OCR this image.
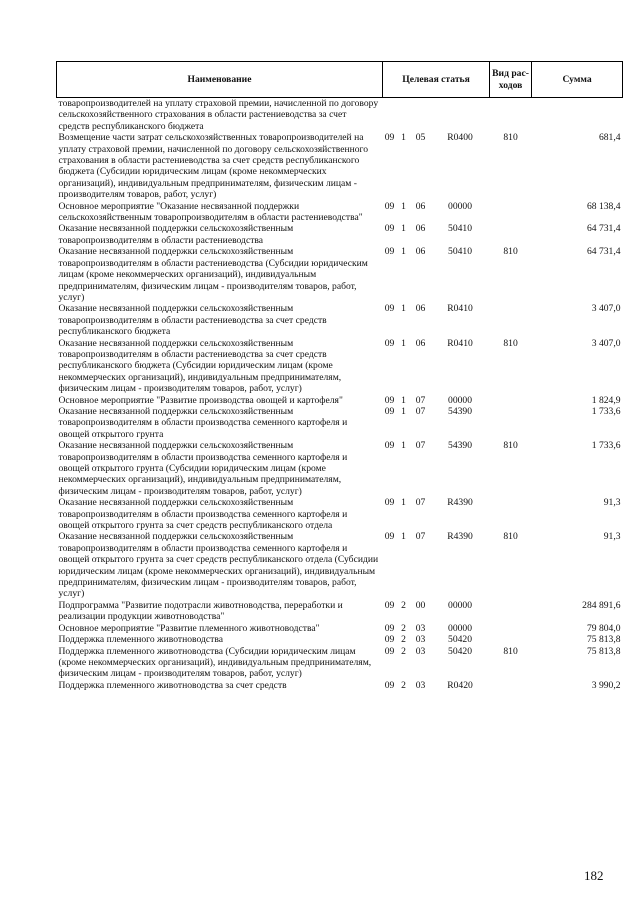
Наименование	Целевая статья				Вид рас-ходов	Сумма
товаропроизводителей на уплату страховой премии, начисленной по договору сельскохозяйственного страхования в области растениеводства за счет средств республиканского бюджета						
Возмещение части затрат сельскохозяйственных товаропроизводителей на уплату страховой премии, начисленной по договору сельскохозяйственного страхования в области растениеводства за счет средств республиканского бюджета (Субсидии юридическим лицам (кроме некоммерческих организаций), индивидуальным предпринимателям, физическим лицам - производителям товаров, работ, услуг)	09	1	05	R0400	810	681,4
Основное мероприятие "Оказание несвязанной поддержки сельскохозяйственным товаропроизводителям в области растениеводства"	09	1	06	00000		68 138,4
Оказание несвязанной поддержки сельскохозяйственным товаропроизводителям в области растениеводства	09	1	06	50410		64 731,4
Оказание несвязанной поддержки сельскохозяйственным товаропроизводителям в области растениеводства (Субсидии юридическим лицам (кроме некоммерческих организаций), индивидуальным предпринимателям, физическим лицам - производителям товаров, работ, услуг)	09	1	06	50410	810	64 731,4
Оказание несвязанной поддержки сельскохозяйственным товаропроизводителям в области растениеводства за счет средств республиканского бюджета	09	1	06	R0410		3 407,0
Оказание несвязанной поддержки сельскохозяйственным товаропроизводителям в области растениеводства за счет средств республиканского бюджета (Субсидии юридическим лицам (кроме некоммерческих организаций), индивидуальным предпринимателям, физическим лицам - производителям товаров, работ, услуг)	09	1	06	R0410	810	3 407,0
Основное мероприятие "Развитие производства овощей и картофеля"	09	1	07	00000		1 824,9
Оказание несвязанной поддержки сельскохозяйственным товаропроизводителям в области производства семенного картофеля и овощей открытого грунта	09	1	07	54390		1 733,6
Оказание несвязанной поддержки сельскохозяйственным товаропроизводителям в области производства семенного картофеля и овощей открытого грунта (Субсидии юридическим лицам (кроме некоммерческих организаций), индивидуальным предпринимателям, физическим лицам - производителям товаров, работ, услуг)	09	1	07	54390	810	1 733,6
Оказание несвязанной поддержки сельскохозяйственным товаропроизводителям в области производства семенного картофеля и овощей открытого грунта за счет средств республиканского отдела	09	1	07	R4390		91,3
Оказание несвязанной поддержки сельскохозяйственным товаропроизводителям в области производства семенного картофеля и овощей открытого грунта за счет средств республиканского отдела (Субсидии юридическим лицам (кроме некоммерческих организаций), индивидуальным предпринимателям, физическим лицам - производителям товаров, работ, услуг)	09	1	07	R4390	810	91,3
Подпрограмма "Развитие подотрасли животноводства, переработки и реализации продукции животноводства"	09	2	00	00000		284 891,6
Основное мероприятие "Развитие племенного животноводства"	09	2	03	00000		79 804,0
Поддержка племенного животноводства	09	2	03	50420		75 813,8
Поддержка племенного животноводства (Субсидии юридическим лицам (кроме некоммерческих организаций), индивидуальным предпринимателям, физическим лицам - производителям товаров, работ, услуг)	09	2	03	50420	810	75 813,8
Поддержка племенного животноводства за счет средств	09	2	03	R0420		3 990,2
182
